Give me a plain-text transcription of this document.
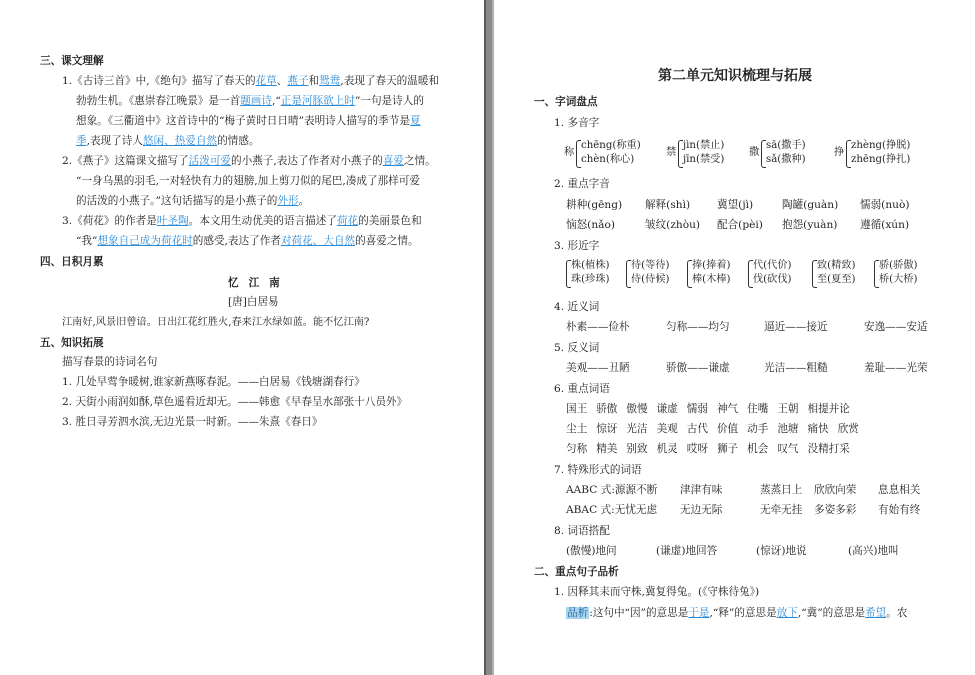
三、课文理解
1.《古诗三首》中,《绝句》描写了春天的花草、燕子和鸳鸯,表现了春天的温暖和
勃勃生机。《惠崇春江晚景》是一首题画诗,“正是河豚欲上时”一句是诗人的
想象。《三衢道中》这首诗中的“梅子黄时日日晴”表明诗人描写的季节是夏
季,表现了诗人悠闲、热爱自然的情感。
2.《燕子》这篇课文描写了活泼可爱的小燕子,表达了作者对小燕子的喜爱之情。
“一身乌黑的羽毛,一对轻快有力的翅膀,加上剪刀似的尾巴,凑成了那样可爱
的活泼的小燕子。”这句话描写的是小燕子的外形。
3.《荷花》的作者是叶圣陶。本文用生动优美的语言描述了荷花的美丽景色和
“我”想象自己成为荷花时的感受,表达了作者对荷花、大自然的喜爱之情。
四、日积月累
忆江南
[唐]白居易
江南好,风景旧曾谙。日出江花红胜火,春来江水绿如蓝。能不忆江南?
五、知识拓展
描写春景的诗词名句
1. 几处早莺争暖树,谁家新燕啄春泥。——白居易《钱塘湖春行》
2. 天街小雨润如酥,草色遥看近却无。——韩愈《早春呈水部张十八员外》
3. 胜日寻芳泗水滨,无边光景一时新。——朱熹《春日》
第二单元知识梳理与拓展
一、字词盘点
1. 多音字
称
chēng(称重)
chèn(称心)
禁
jìn(禁止)
jīn(禁受)
撒
sā(撒手)
sǎ(撒种)
挣
zhèng(挣脱)
zhēng(挣扎)
2. 重点字音
耕种(gēng) 解释(shì)	冀望(jì)	陶罐(guàn) 懦弱(nuò)
恼怒(nǎo)	皱纹(zhòu) 配合(pèi) 抱怨(yuàn) 遵循(xún)
3. 形近字
株(植株)
珠(珍珠)
待(等待)
侍(侍候)
捧(捧着)
棒(木棒)
代(代价)
伐(砍伐)
致(精致)
至(夏至)
骄(骄傲)
桥(大桥)
4. 近义词
朴素——俭朴	匀称——均匀	逼近——接近	安逸——安适
5. 反义词
美观——丑陋	骄傲——谦虚	光洁——粗糙	羞耻——光荣
6. 重点词语
国王 骄傲 傲慢 谦虚 懦弱 神气 住嘴 王朝 相提并论
尘土 惊讶 光洁 美观 古代 价值 动手 池塘 痛快 欣赏
匀称 精美 别致 机灵 哎呀 狮子 机会 叹气 没精打采
7. 特殊形式的词语
AABC 式:源源不断 津津有味	蒸蒸日上 欣欣向荣 息息相关
ABAC 式:无忧无虑 无边无际	无牵无挂 多姿多彩 有始有终
8. 词语搭配
(傲慢)地问	(谦虚)地回答	(惊讶)地说	(高兴)地叫
二、重点句子品析
1. 因释其耒而守株,冀复得兔。(《守株待兔》)
品析:这句中“因”的意思是于是,“释”的意思是放下,“冀”的意思是希望。农
